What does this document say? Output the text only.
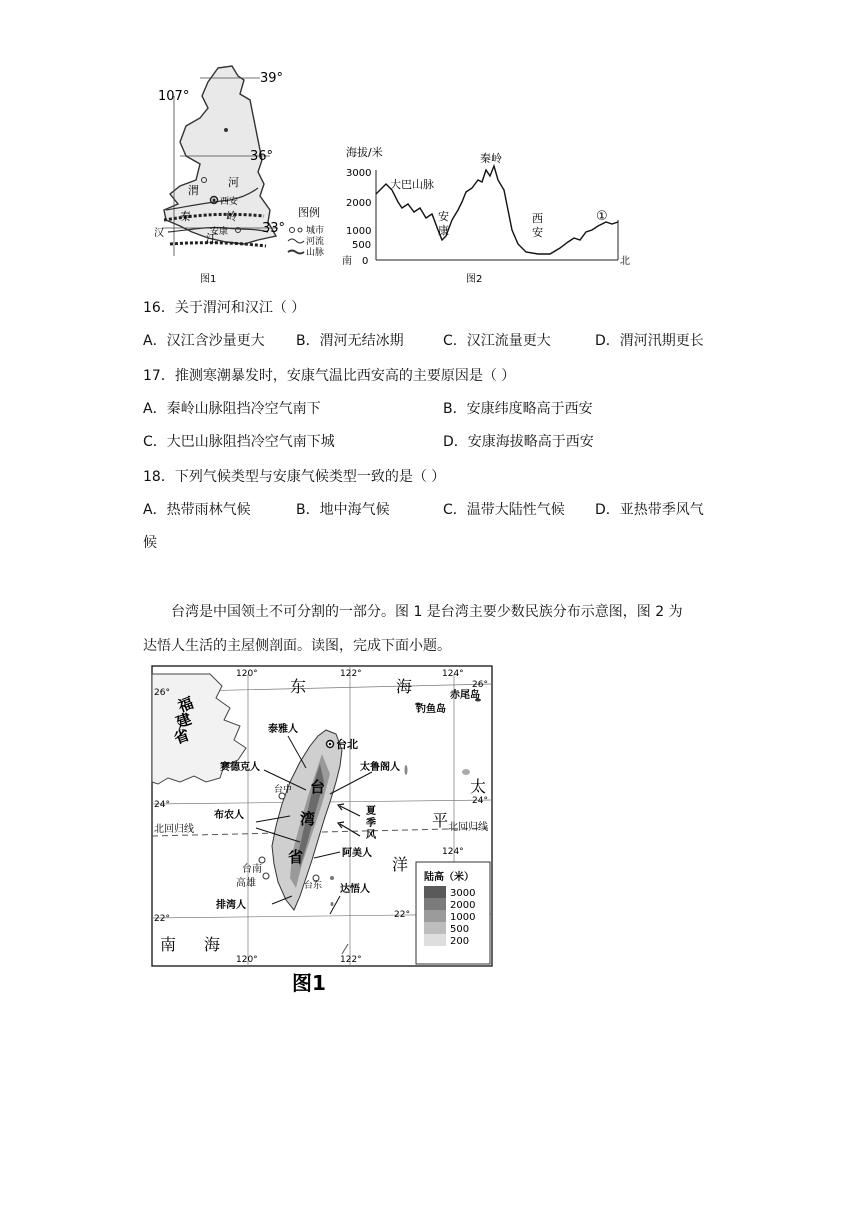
39°
107°
36°
33°
渭
河
西安
秦	岭
汉	江
安康
图例
城市
河流
山脉
图1
海拔/米
3000
2000
1000
500
0
南	北
大巴山脉
秦岭
安
康
西
安
①
图2
16．关于渭河和汉江（ ）
A．汉江含沙量更大 B．渭河无结冰期	C．汉江流量更大	D．渭河汛期更长
17．推测寒潮暴发时，安康气温比西安高的主要原因是（ ）
A．秦岭山脉阻挡冷空气南下	B．安康纬度略高于西安
C．大巴山脉阻挡冷空气南下城	D．安康海拔略高于西安
18．下列气候类型与安康气候类型一致的是（ ）
A．热带雨林气候	B．地中海气候	C．温带大陆性气候 D．亚热带季风气
候
台湾是中国领土不可分割的一部分。图 1 是台湾主要少数民族分布示意图，图 2 为
达悟人生活的主屋侧剖面。读图，完成下面小题。
陆高（米）
3000
2000
1000
500
200
120°	122°	124°
124°
120°	122°
26°
26°
24°	24°
22°	22°
北回归线	北回归线
东	海
太
平
洋
南 海
福
建
省
钓鱼岛
赤尾岛
台北
台中
台南
高雄	台东
泰雅人
赛德克人	太鲁阁人
布农人
阿美人
排湾人
达悟人
台
湾
省
夏
季
风
图1
